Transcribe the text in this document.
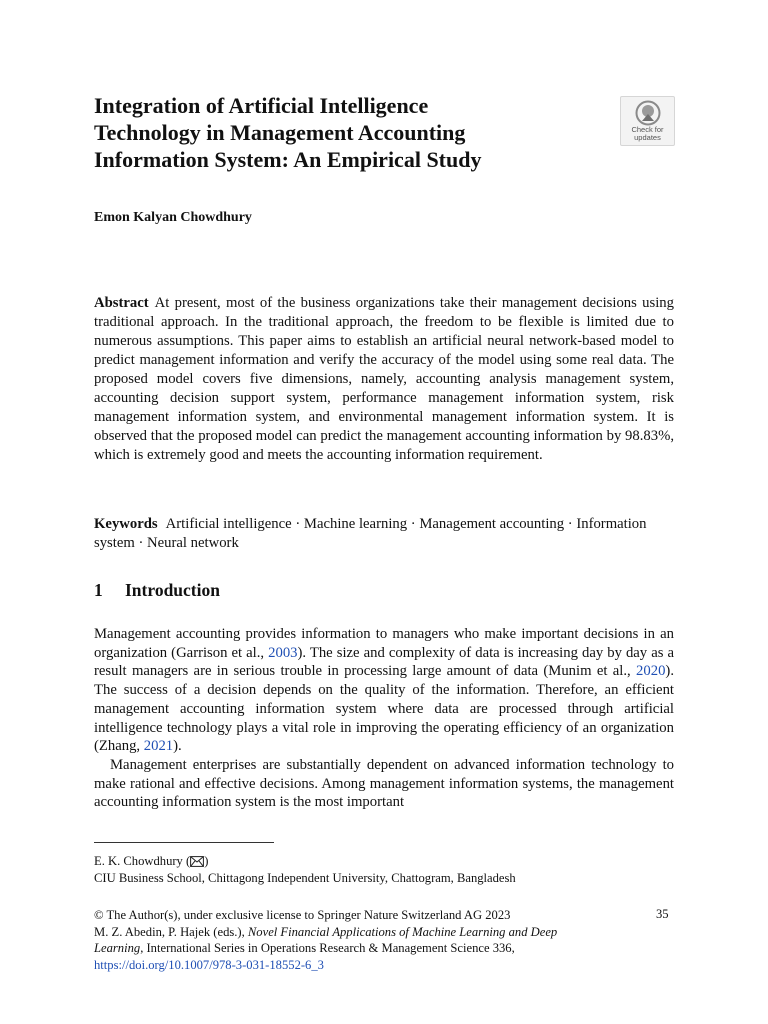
Integration of Artificial Intelligence
Technology in Management Accounting
Information System: An Empirical Study
Check for
updates
Emon Kalyan Chowdhury
Abstract At present, most of the business organizations take their management decisions using traditional approach. In the traditional approach, the freedom to be flexible is limited due to numerous assumptions. This paper aims to establish an artificial neural network-based model to predict management information and verify the accuracy of the model using some real data. The proposed model covers five dimensions, namely, accounting analysis management system, accounting decision support system, performance management information system, risk management information system, and environmental management information system. It is observed that the proposed model can predict the management accounting information by 98.83%, which is extremely good and meets the accounting information requirement.
Keywords Artificial intelligence · Machine learning · Management accounting · Information system · Neural network
1 Introduction

Management accounting provides information to managers who make important decisions in an organization (Garrison et al., 2003). The size and complexity of data is increasing day by day as a result managers are in serious trouble in processing large amount of data (Munim et al., 2020). The success of a decision depends on the quality of the information. Therefore, an efficient management accounting information system where data are processed through artificial intelligence technology plays a vital role in improving the operating efficiency of an organization (Zhang, 2021).

Management enterprises are substantially dependent on advanced information technology to make rational and effective decisions. Among management information systems, the management accounting information system is the most important

E. K. Chowdhury ( )
CIU Business School, Chittagong Independent University, Chattogram, Bangladesh
© The Author(s), under exclusive license to Springer Nature Switzerland AG 2023
M. Z. Abedin, P. Hajek (eds.), Novel Financial Applications of Machine Learning and Deep Learning, International Series in Operations Research & Management Science 336, https://doi.org/10.1007/978-3-031-18552-6_3
35
